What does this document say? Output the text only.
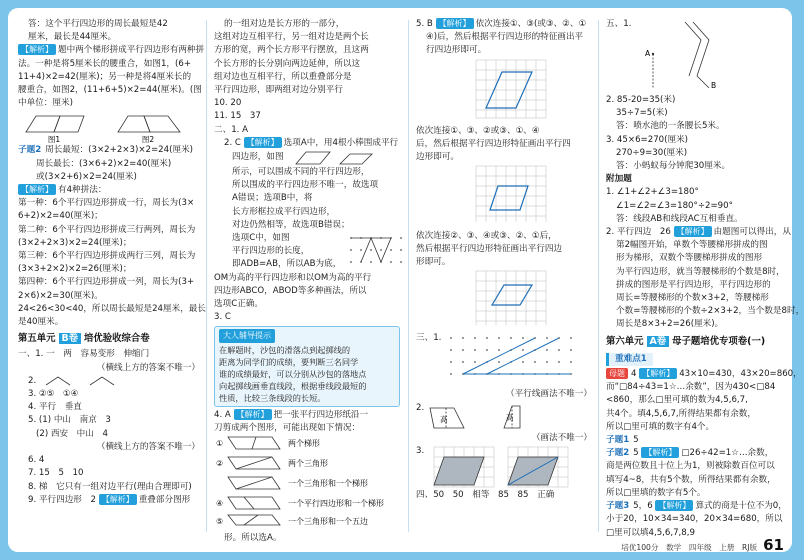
答：这个平行四边形的周长最短是42
厘米，最长是44厘米。
【解析】 题中两个梯形拼成平行四边形有两种拼
法。一种是将5厘米长的腰重合，如图1，(6+
11+4)×2=42(厘米)；另一种是将4厘米长的
腰重合，如图2，(11+6+5)×2=44(厘米)。(图
中单位：厘米)
图1	图2
子题2 周长最短：(3×2+2×3)×2=24(厘米)
周长最长：(3×6+2)×2=40(厘米)
或(3×2+6)×2=24(厘米)
【解析】 有4种拼法：
第一种：6个平行四边形拼成一行，周长为(3×
6+2)×2=40(厘米)；
第二种：6个平行四边形拼成三行两列，周长为
(3×2+2×3)×2=24(厘米)；
第三种：6个平行四边形拼成两行三列，周长为
(3×3+2×2)×2=26(厘米)；
第四种：6个平行四边形拼成一列，周长为(3+
2×6)×2=30(厘米)。
24<26<30<40，所以周长最短是24厘米，最长
是40厘米。
第五单元 B卷 培优验收综合卷
一、1. 一　两　容易变形　伸缩门
（横线上方的答案不唯一）
2.
3. ②⑤　①④
4. 平行　垂直
5. (1) 中山　南京　3
(2) 西安　中山　4
（横线上方的答案不唯一）
6. 4
7. 15　5　10
8. 梯　它只有一组对边平行(理由合理即可)
9. 平行四边形　2 【解析】 重叠部分图形
的一组对边是长方形的一部分，
这组对边互相平行，另一组对边是两个长
方形的宽，两个长方形平行摆放，且这两
个长方形的长分别向两边延伸，所以这
组对边也互相平行，所以重叠部分是
平行四边形，即两组对边分别平行
10. 20
11. 15　37
二、1. A
2. C 【解析】 选项A中，用4根小棒围成平行
四边形，如图
所示，可以围成不同的平行四边形，
所以围成的平行四边形不唯一，故选项
A错误；选项B中，将
长方形框拉成平行四边形，
对边仍然相等，故选项B错误；
选项C中，如图
平行四边形的长度，
即ADB=AB，所以AB为底，
OM为高的平行四边形和以OM为高的平行
四边形ABCO，ABOD等多种画法，所以
选项C正确。
3. C
大人辅导提示
在解题时，沙包的滑落点到起掷线的
距离为同学们的成绩，要判断三名同学
谁的成绩最好，可以分别从沙包的落地点
向起掷线画垂直线段，根据垂线段最短的
性质，比较三条线段的长短。
4. A 【解析】 把一张平行四边形纸沿一
刀剪成两个图形，可能出现如下情况：
①	两个梯形
②	两个三角形
一个三角形和一个梯形
④	一个平行四边形和一个梯形
⑤	一个三角形和一个五边
形。所以选A。
5. B 【解析】 依次连接①、③(或③、②、①
④)后，然后根据平行四边形的特征画出平
行四边形即可。
依次连接①、③、②或③、①、④
后，然后根据平行四边形特征画出平行四
边形即可。
依次连接②、③、④或③、②、①后，
然后根据平行四边形特征画出平行四边
形即可。
三、1.
（平行线画法不唯一）
2.
高	高
（画法不唯一）
3.
四、50　50　相等　85　85　正确
五、1.
A
B
2. 85-20=35(米)
35÷7=5(米)
答：喷水池的一条腰长5米。
3. 45×6=270(厘米)
270÷9=30(厘米)
答：小蚂蚁每分钟爬30厘米。
附加题
1. ∠1+∠2+∠3=180°
∠1=∠2=∠3=180°÷2=90°
答：线段AB和线段AC互相垂直。
2. 平行四边　26 【解析】 由题图可以得出，从
第2幅图开始，单数个等腰梯形拼成的图
形为梯形，双数个等腰梯形拼成的图形
为平行四边形，就当等腰梯形的个数是8时，
拼成的图形是平行四边形，平行四边形的
周长=等腰梯形的个数×3+2，等腰梯形
个数=等腰梯形的个数÷2×3+2，当个数是8时，
周长是8×3+2=26(厘米)。
第六单元 A卷 母子题培优专项卷(一)
重难点1
母题 4 【解析】 43×10=430，43×20=860，
而“□84÷43=1☆…余数”，因为430<□84
<860，那么□里可填的数为4,5,6,7,
共4个。填4,5,6,7,所得结果都有余数，
所以□里可填的数字有4个。
子题1 5
子题2 5 【解析】 □26÷42=1☆…余数，
商是两位数且十位上为1，则被除数百位可以
填写4~8，共有5个数，所得结果都有余数，
所以□里填的数字有5个。
子题3 5，6 【解析】 算式的商是十位不为0，
小于20，10×34=340，20×34=680，所以
□里可以填4,5,6,7,8,9
培优100分　数学　四年级　上册　RJ版 61
